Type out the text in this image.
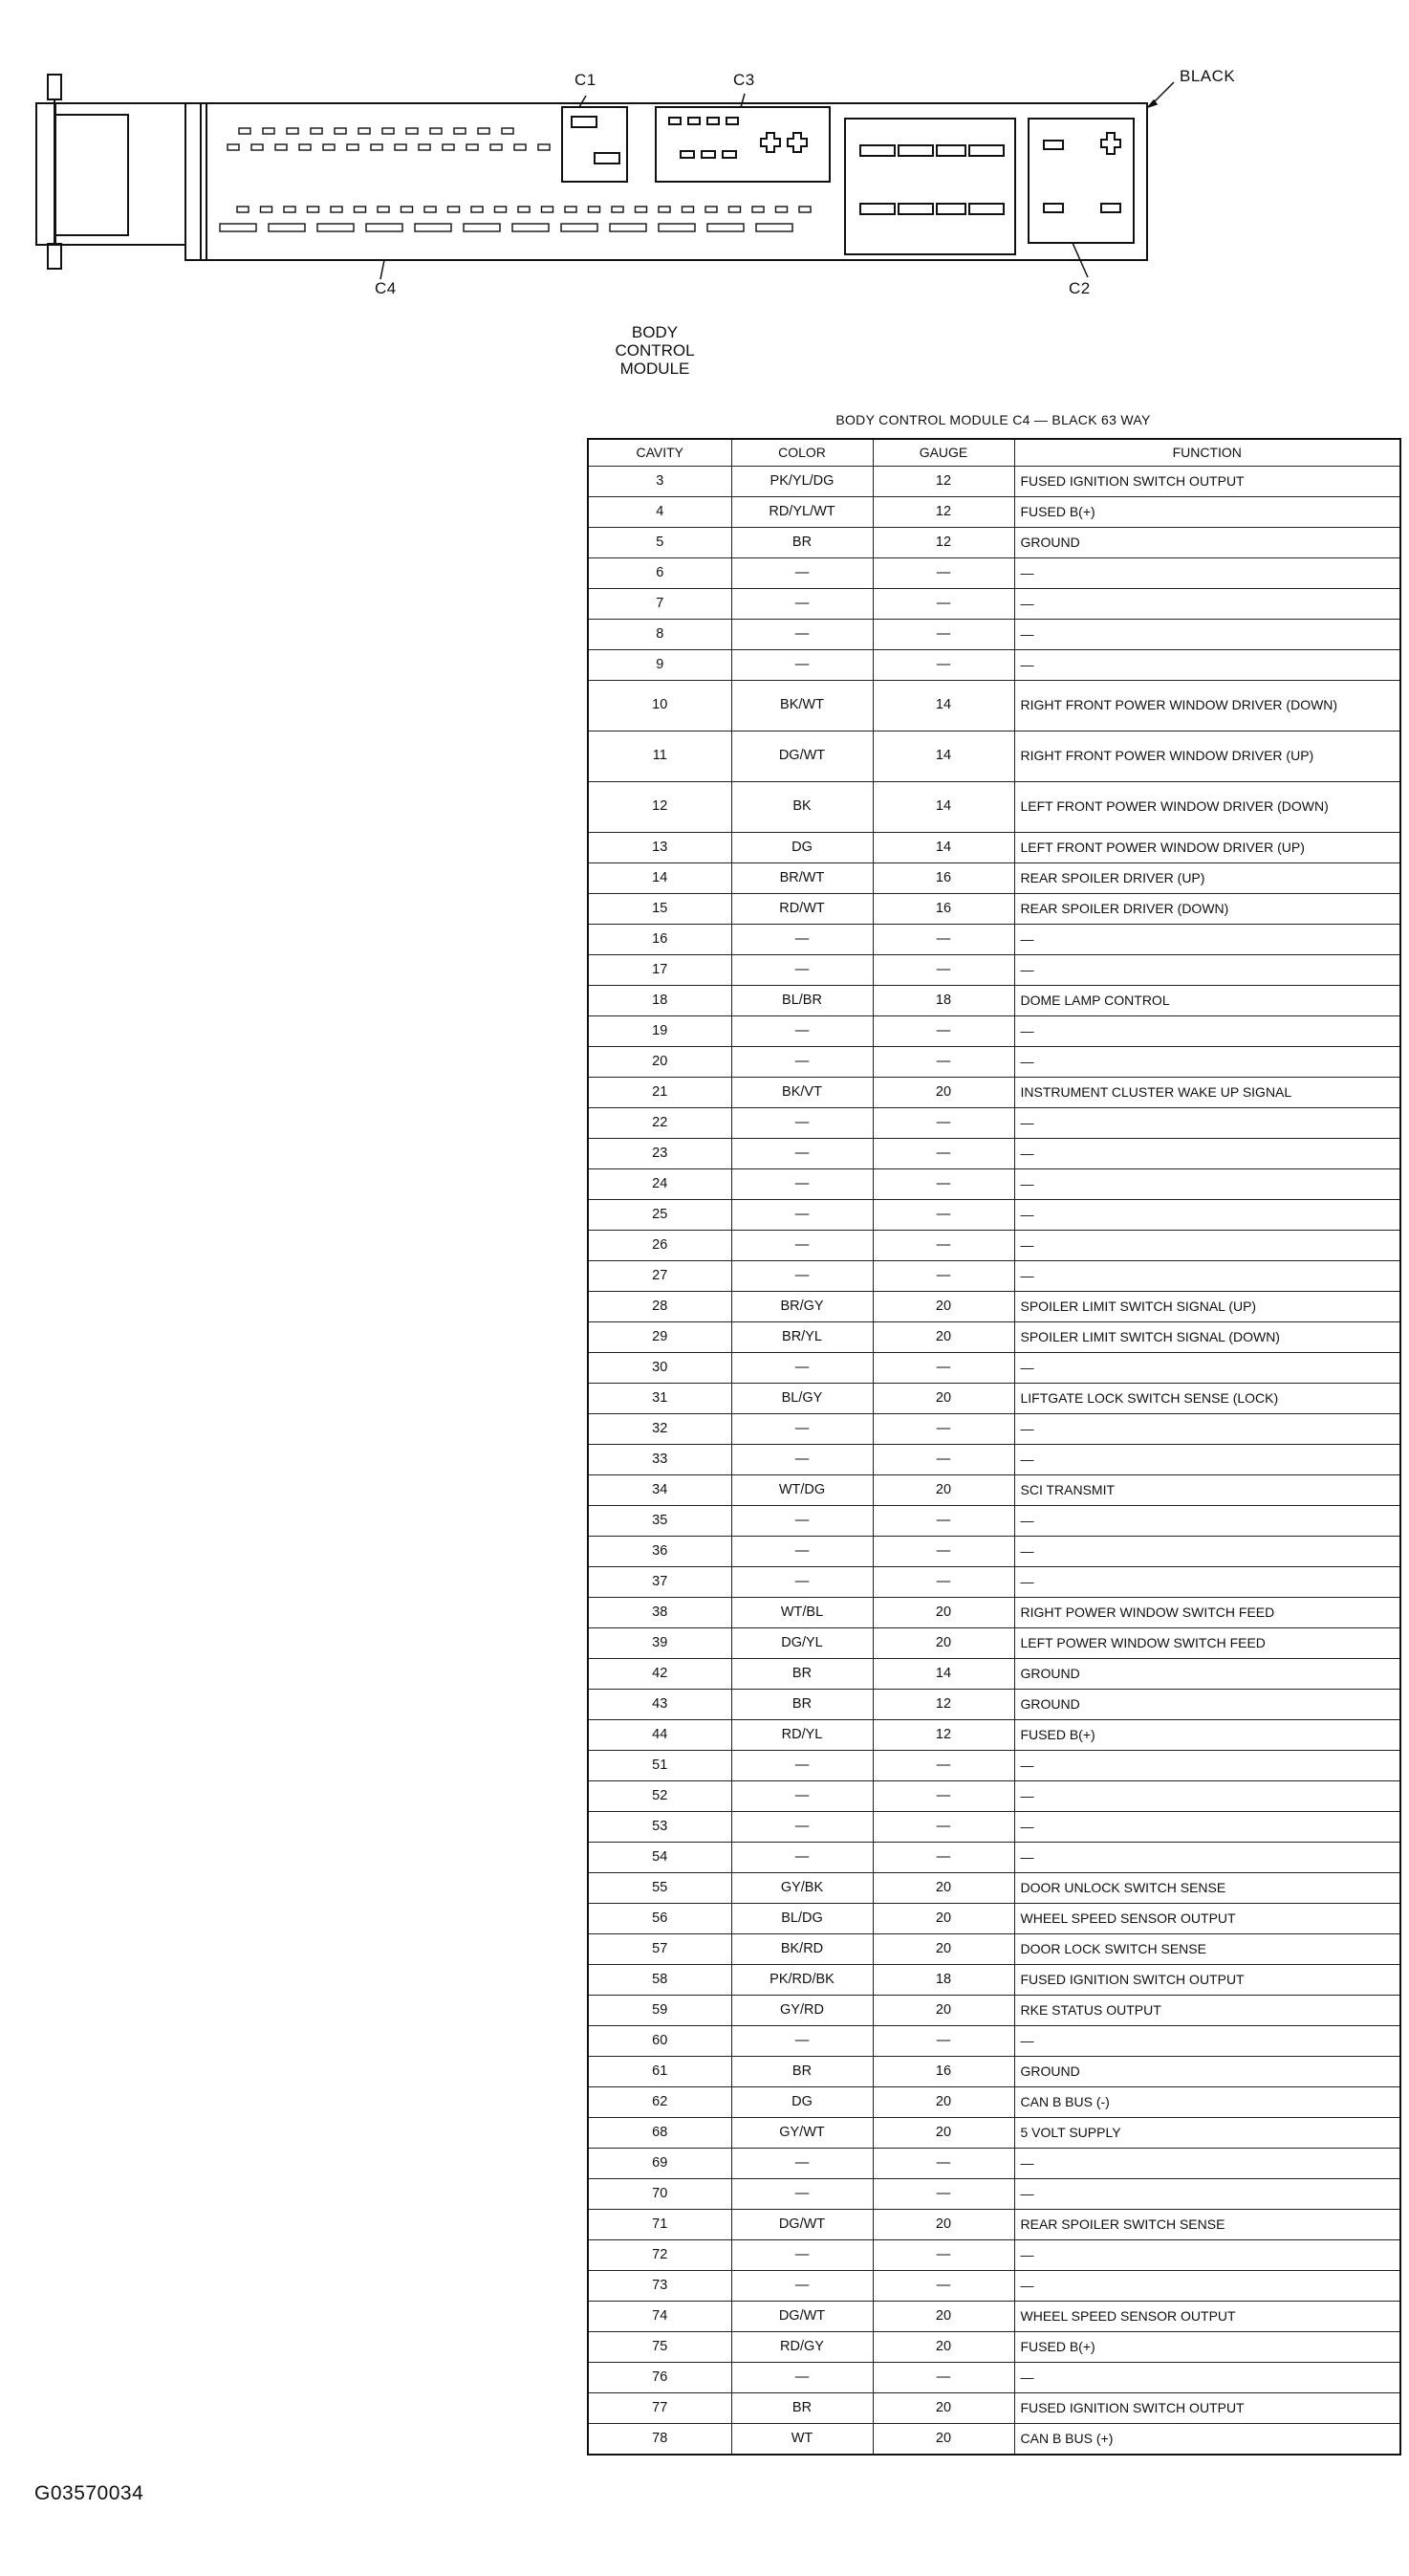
C1	C3	BLACK
C4	C2
BODY
CONTROL
MODULE
BODY CONTROL MODULE C4 — BLACK 63 WAY
CAVITY	COLOR	GAUGE	FUNCTION
3	PK/YL/DG	12	FUSED IGNITION SWITCH OUTPUT
4	RD/YL/WT	12	FUSED B(+)
5	BR	12	GROUND
6	—	—	—
7	—	—	—
8	—	—	—
9	—	—	—
10	BK/WT	14	RIGHT FRONT POWER WINDOW DRIVER (DOWN)
11	DG/WT	14	RIGHT FRONT POWER WINDOW DRIVER (UP)
12	BK	14	LEFT FRONT POWER WINDOW DRIVER (DOWN)
13	DG	14	LEFT FRONT POWER WINDOW DRIVER (UP)
14	BR/WT	16	REAR SPOILER DRIVER (UP)
15	RD/WT	16	REAR SPOILER DRIVER (DOWN)
16	—	—	—
17	—	—	—
18	BL/BR	18	DOME LAMP CONTROL
19	—	—	—
20	—	—	—
21	BK/VT	20	INSTRUMENT CLUSTER WAKE UP SIGNAL
22	—	—	—
23	—	—	—
24	—	—	—
25	—	—	—
26	—	—	—
27	—	—	—
28	BR/GY	20	SPOILER LIMIT SWITCH SIGNAL (UP)
29	BR/YL	20	SPOILER LIMIT SWITCH SIGNAL (DOWN)
30	—	—	—
31	BL/GY	20	LIFTGATE LOCK SWITCH SENSE (LOCK)
32	—	—	—
33	—	—	—
34	WT/DG	20	SCI TRANSMIT
35	—	—	—
36	—	—	—
37	—	—	—
38	WT/BL	20	RIGHT POWER WINDOW SWITCH FEED
39	DG/YL	20	LEFT POWER WINDOW SWITCH FEED
42	BR	14	GROUND
43	BR	12	GROUND
44	RD/YL	12	FUSED B(+)
51	—	—	—
52	—	—	—
53	—	—	—
54	—	—	—
55	GY/BK	20	DOOR UNLOCK SWITCH SENSE
56	BL/DG	20	WHEEL SPEED SENSOR OUTPUT
57	BK/RD	20	DOOR LOCK SWITCH SENSE
58	PK/RD/BK	18	FUSED IGNITION SWITCH OUTPUT
59	GY/RD	20	RKE STATUS OUTPUT
60	—	—	—
61	BR	16	GROUND
62	DG	20	CAN B BUS (-)
68	GY/WT	20	5 VOLT SUPPLY
69	—	—	—
70	—	—	—
71	DG/WT	20	REAR SPOILER SWITCH SENSE
72	—	—	—
73	—	—	—
74	DG/WT	20	WHEEL SPEED SENSOR OUTPUT
75	RD/GY	20	FUSED B(+)
76	—	—	—
77	BR	20	FUSED IGNITION SWITCH OUTPUT
78	WT	20	CAN B BUS (+)
G03570034
